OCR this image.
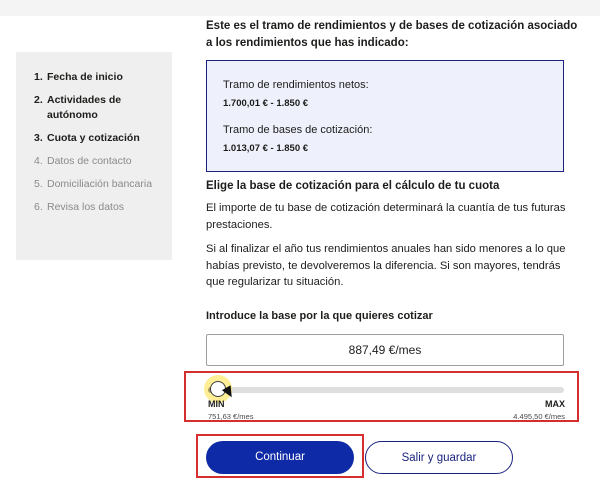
1. Fecha de inicio
2. Actividades de autónomo
3. Cuota y cotización
4. Datos de contacto
5. Domiciliación bancaria
6. Revisa los datos

Este es el tramo de rendimientos y de bases de cotización asociado a los rendimientos que has indicado:

Tramo de rendimientos netos:
1.700,01 € - 1.850 €
Tramo de bases de cotización:
1.013,07 € - 1.850 €
Elige la base de cotización para el cálculo de tu cuota

El importe de tu base de cotización determinará la cuantía de tus futuras prestaciones.

Si al finalizar el año tus rendimientos anuales han sido menores a lo que habías previsto, te devolveremos la diferencia. Si son mayores, tendrás que regularizar tu situación.

Introduce la base por la que quieres cotizar
887,49 €/mes
MIN	MAX
751,63 €/mes	4.495,50 €/mes
Continuar	Salir y guardar
